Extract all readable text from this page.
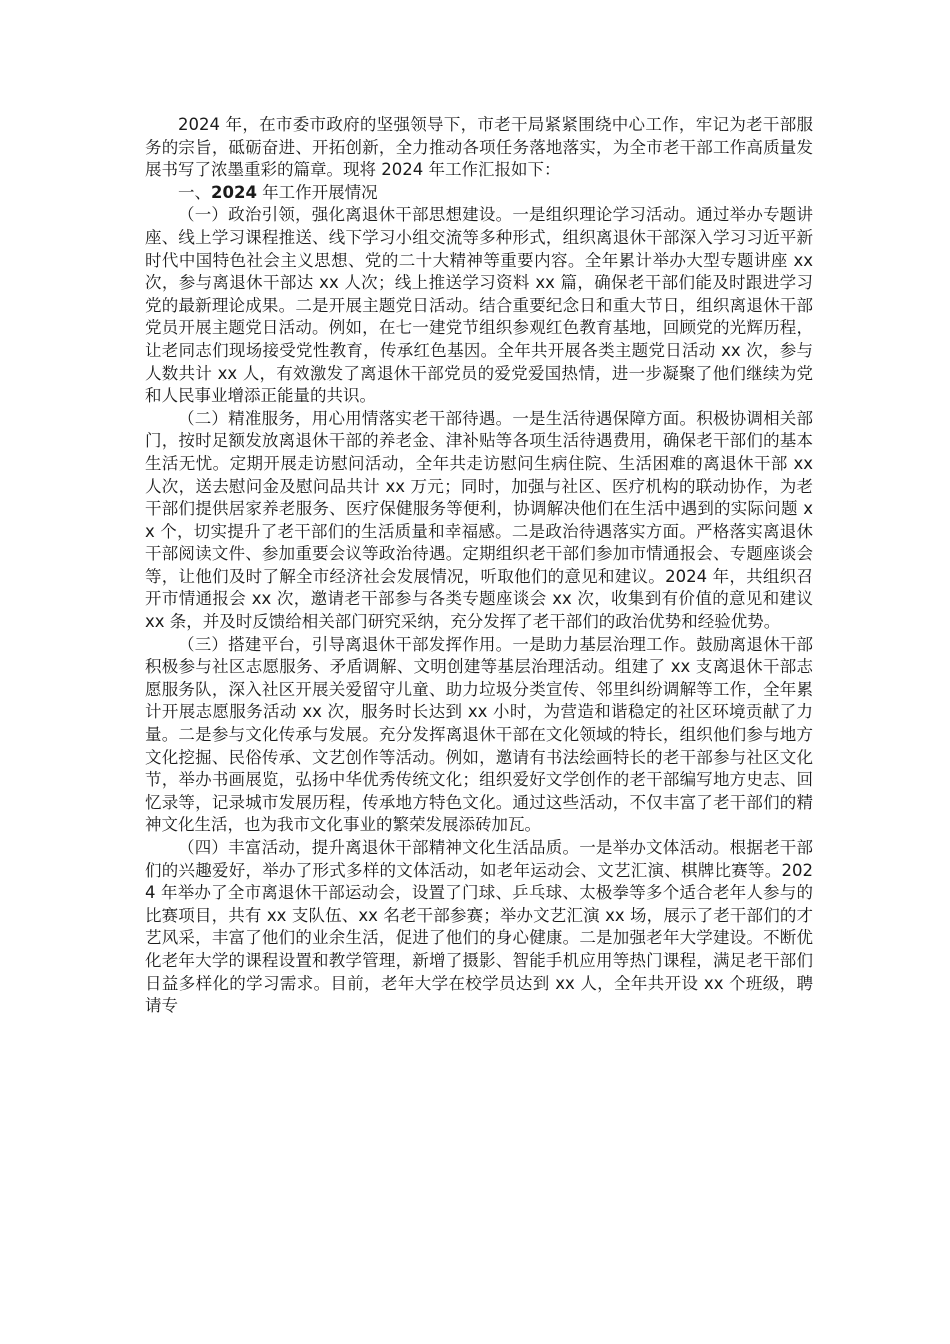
2024 年，在市委市政府的坚强领导下，市老干局紧紧围绕中心工作，牢记为老干部服务的宗旨，砥砺奋进、开拓创新，全力推动各项任务落地落实，为全市老干部工作高质量发展书写了浓墨重彩的篇章。现将 2024 年工作汇报如下：

一、2024 年工作开展情况

（一）政治引领，强化离退休干部思想建设。一是组织理论学习活动。通过举办专题讲座、线上学习课程推送、线下学习小组交流等多种形式，组织离退休干部深入学习习近平新时代中国特色社会主义思想、党的二十大精神等重要内容。全年累计举办大型专题讲座 xx 次，参与离退休干部达 xx 人次；线上推送学习资料 xx 篇，确保老干部们能及时跟进学习党的最新理论成果。二是开展主题党日活动。结合重要纪念日和重大节日，组织离退休干部党员开展主题党日活动。例如，在七一建党节组织参观红色教育基地，回顾党的光辉历程，让老同志们现场接受党性教育，传承红色基因。全年共开展各类主题党日活动 xx 次，参与人数共计 xx 人，有效激发了离退休干部党员的爱党爱国热情，进一步凝聚了他们继续为党和人民事业增添正能量的共识。

（二）精准服务，用心用情落实老干部待遇。一是生活待遇保障方面。积极协调相关部门，按时足额发放离退休干部的养老金、津补贴等各项生活待遇费用，确保老干部们的基本生活无忧。定期开展走访慰问活动，全年共走访慰问生病住院、生活困难的离退休干部 xx 人次，送去慰问金及慰问品共计 xx 万元；同时，加强与社区、医疗机构的联动协作，为老干部们提供居家养老服务、医疗保健服务等便利，协调解决他们在生活中遇到的实际问题 xx 个，切实提升了老干部们的生活质量和幸福感。二是政治待遇落实方面。严格落实离退休干部阅读文件、参加重要会议等政治待遇。定期组织老干部们参加市情通报会、专题座谈会等，让他们及时了解全市经济社会发展情况，听取他们的意见和建议。2024 年，共组织召开市情通报会 xx 次，邀请老干部参与各类专题座谈会 xx 次，收集到有价值的意见和建议 xx 条，并及时反馈给相关部门研究采纳，充分发挥了老干部们的政治优势和经验优势。

（三）搭建平台，引导离退休干部发挥作用。一是助力基层治理工作。鼓励离退休干部积极参与社区志愿服务、矛盾调解、文明创建等基层治理活动。组建了 xx 支离退休干部志愿服务队，深入社区开展关爱留守儿童、助力垃圾分类宣传、邻里纠纷调解等工作，全年累计开展志愿服务活动 xx 次，服务时长达到 xx 小时，为营造和谐稳定的社区环境贡献了力量。二是参与文化传承与发展。充分发挥离退休干部在文化领域的特长，组织他们参与地方文化挖掘、民俗传承、文艺创作等活动。例如，邀请有书法绘画特长的老干部参与社区文化节，举办书画展览，弘扬中华优秀传统文化；组织爱好文学创作的老干部编写地方史志、回忆录等，记录城市发展历程，传承地方特色文化。通过这些活动，不仅丰富了老干部们的精神文化生活，也为我市文化事业的繁荣发展添砖加瓦。

（四）丰富活动，提升离退休干部精神文化生活品质。一是举办文体活动。根据老干部们的兴趣爱好，举办了形式多样的文体活动，如老年运动会、文艺汇演、棋牌比赛等。2024 年举办了全市离退休干部运动会，设置了门球、乒乓球、太极拳等多个适合老年人参与的比赛项目，共有 xx 支队伍、xx 名老干部参赛；举办文艺汇演 xx 场，展示了老干部们的才艺风采，丰富了他们的业余生活，促进了他们的身心健康。二是加强老年大学建设。不断优化老年大学的课程设置和教学管理，新增了摄影、智能手机应用等热门课程，满足老干部们日益多样化的学习需求。目前，老年大学在校学员达到 xx 人，全年共开设 xx 个班级，聘请专
